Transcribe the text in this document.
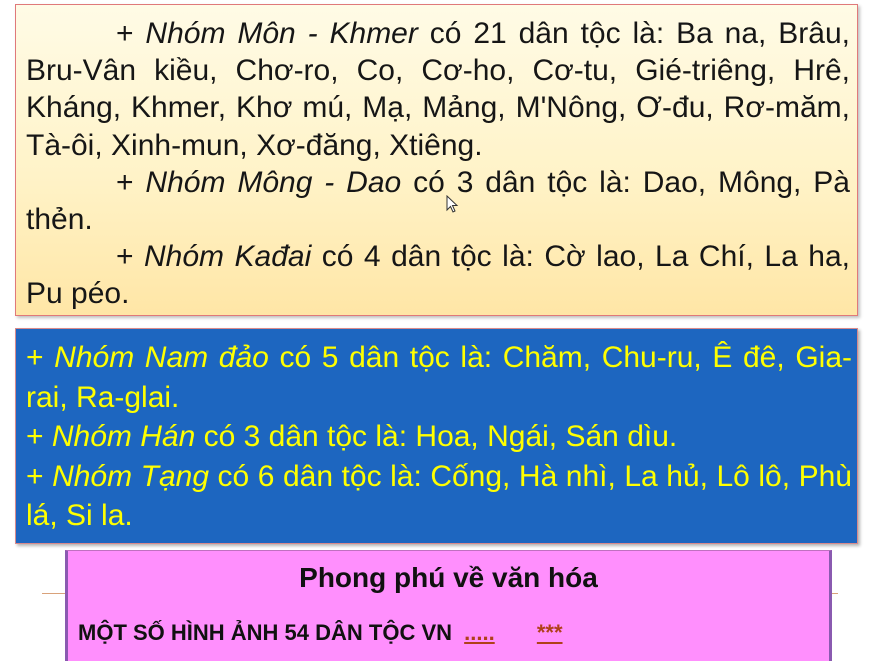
+ Nhóm Môn - Khmer có 21 dân tộc là: Ba na, Brâu, Bru-Vân kiều, Chơ-ro, Co, Cơ-ho, Cơ-tu, Gié-triêng, Hrê, Kháng, Khmer, Khơ mú, Mạ, Mảng, M'Nông, Ơ-đu, Rơ-măm, Tà-ôi, Xinh-mun, Xơ-đăng, Xtiêng.

+ Nhóm Mông - Dao có 3 dân tộc là: Dao, Mông, Pà thẻn.

+ Nhóm Kađai có 4 dân tộc là: Cờ lao, La Chí, La ha, Pu péo.

+ Nhóm Nam đảo có 5 dân tộc là: Chăm, Chu-ru, Ê đê, Gia-rai, Ra-glai.

+ Nhóm Hán có 3 dân tộc là: Hoa, Ngái, Sán dìu.

+ Nhóm Tạng có 6 dân tộc là: Cống, Hà nhì, La hủ, Lô lô, Phù lá, Si la.

Phong phú về văn hóa
MỘT SỐ HÌNH ẢNH 54 DÂN TỘC VN ..... ***
